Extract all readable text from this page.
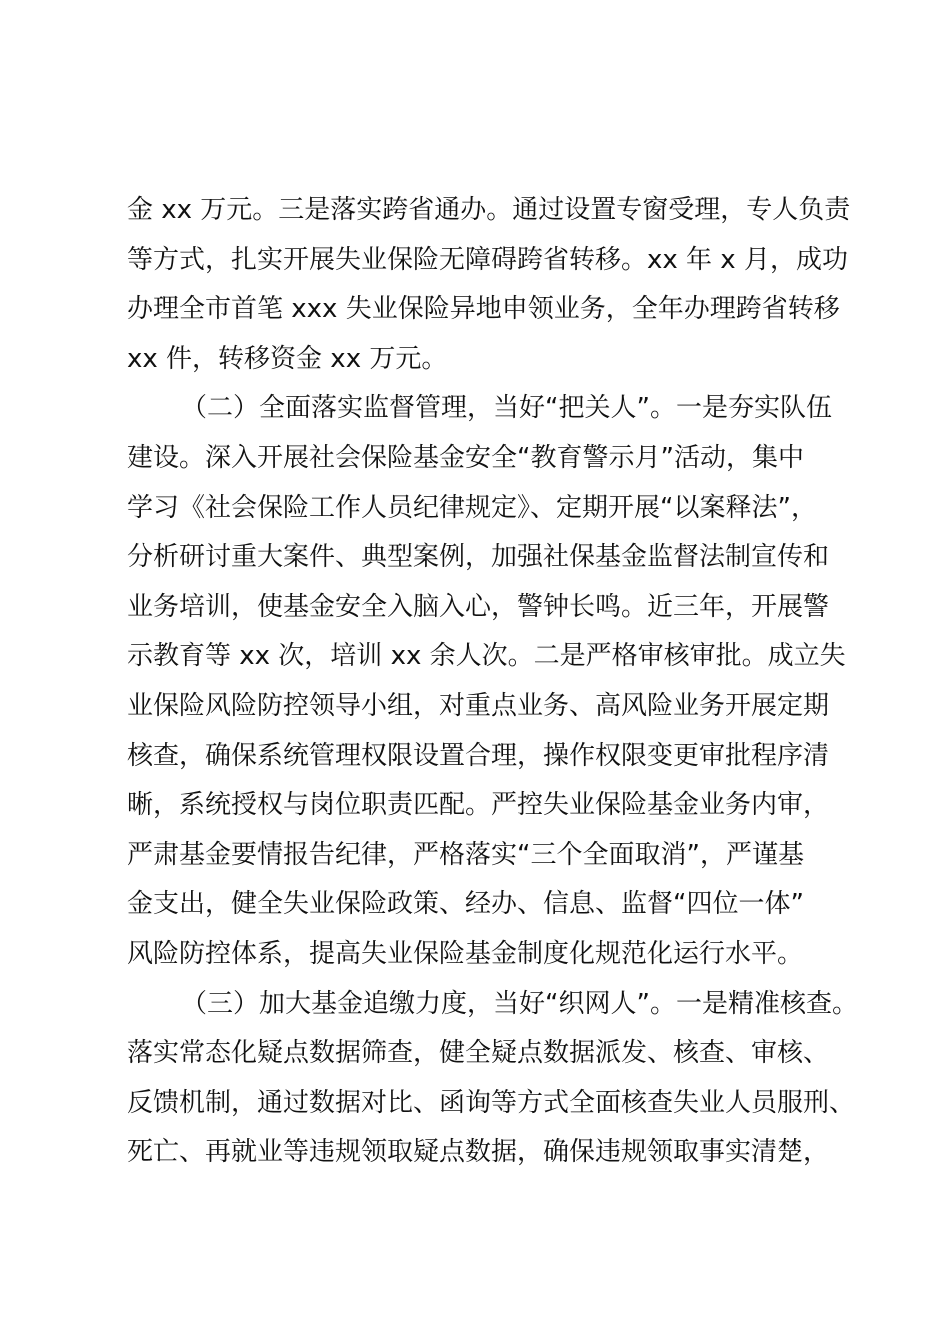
金 xx 万元。三是落实跨省通办。通过设置专窗受理，专人负责
等方式，扎实开展失业保险无障碍跨省转移。xx 年 x 月，成功
办理全市首笔 xxx 失业保险异地申领业务，全年办理跨省转移
xx 件，转移资金 xx 万元。
（二）全面落实监督管理，当好“把关人”。一是夯实队伍
建设。深入开展社会保险基金安全“教育警示月”活动，集中
学习《社会保险工作人员纪律规定》、定期开展“以案释法”，
分析研讨重大案件、典型案例，加强社保基金监督法制宣传和
业务培训，使基金安全入脑入心，警钟长鸣。近三年，开展警
示教育等 xx 次，培训 xx 余人次。二是严格审核审批。成立失
业保险风险防控领导小组，对重点业务、高风险业务开展定期
核查，确保系统管理权限设置合理，操作权限变更审批程序清
晰，系统授权与岗位职责匹配。严控失业保险基金业务内审，
严肃基金要情报告纪律，严格落实“三个全面取消”，严谨基
金支出，健全失业保险政策、经办、信息、监督“四位一体”
风险防控体系，提高失业保险基金制度化规范化运行水平。
（三）加大基金追缴力度，当好“织网人”。一是精准核查。
落实常态化疑点数据筛查，健全疑点数据派发、核查、审核、
反馈机制，通过数据对比、函询等方式全面核查失业人员服刑、
死亡、再就业等违规领取疑点数据，确保违规领取事实清楚，
